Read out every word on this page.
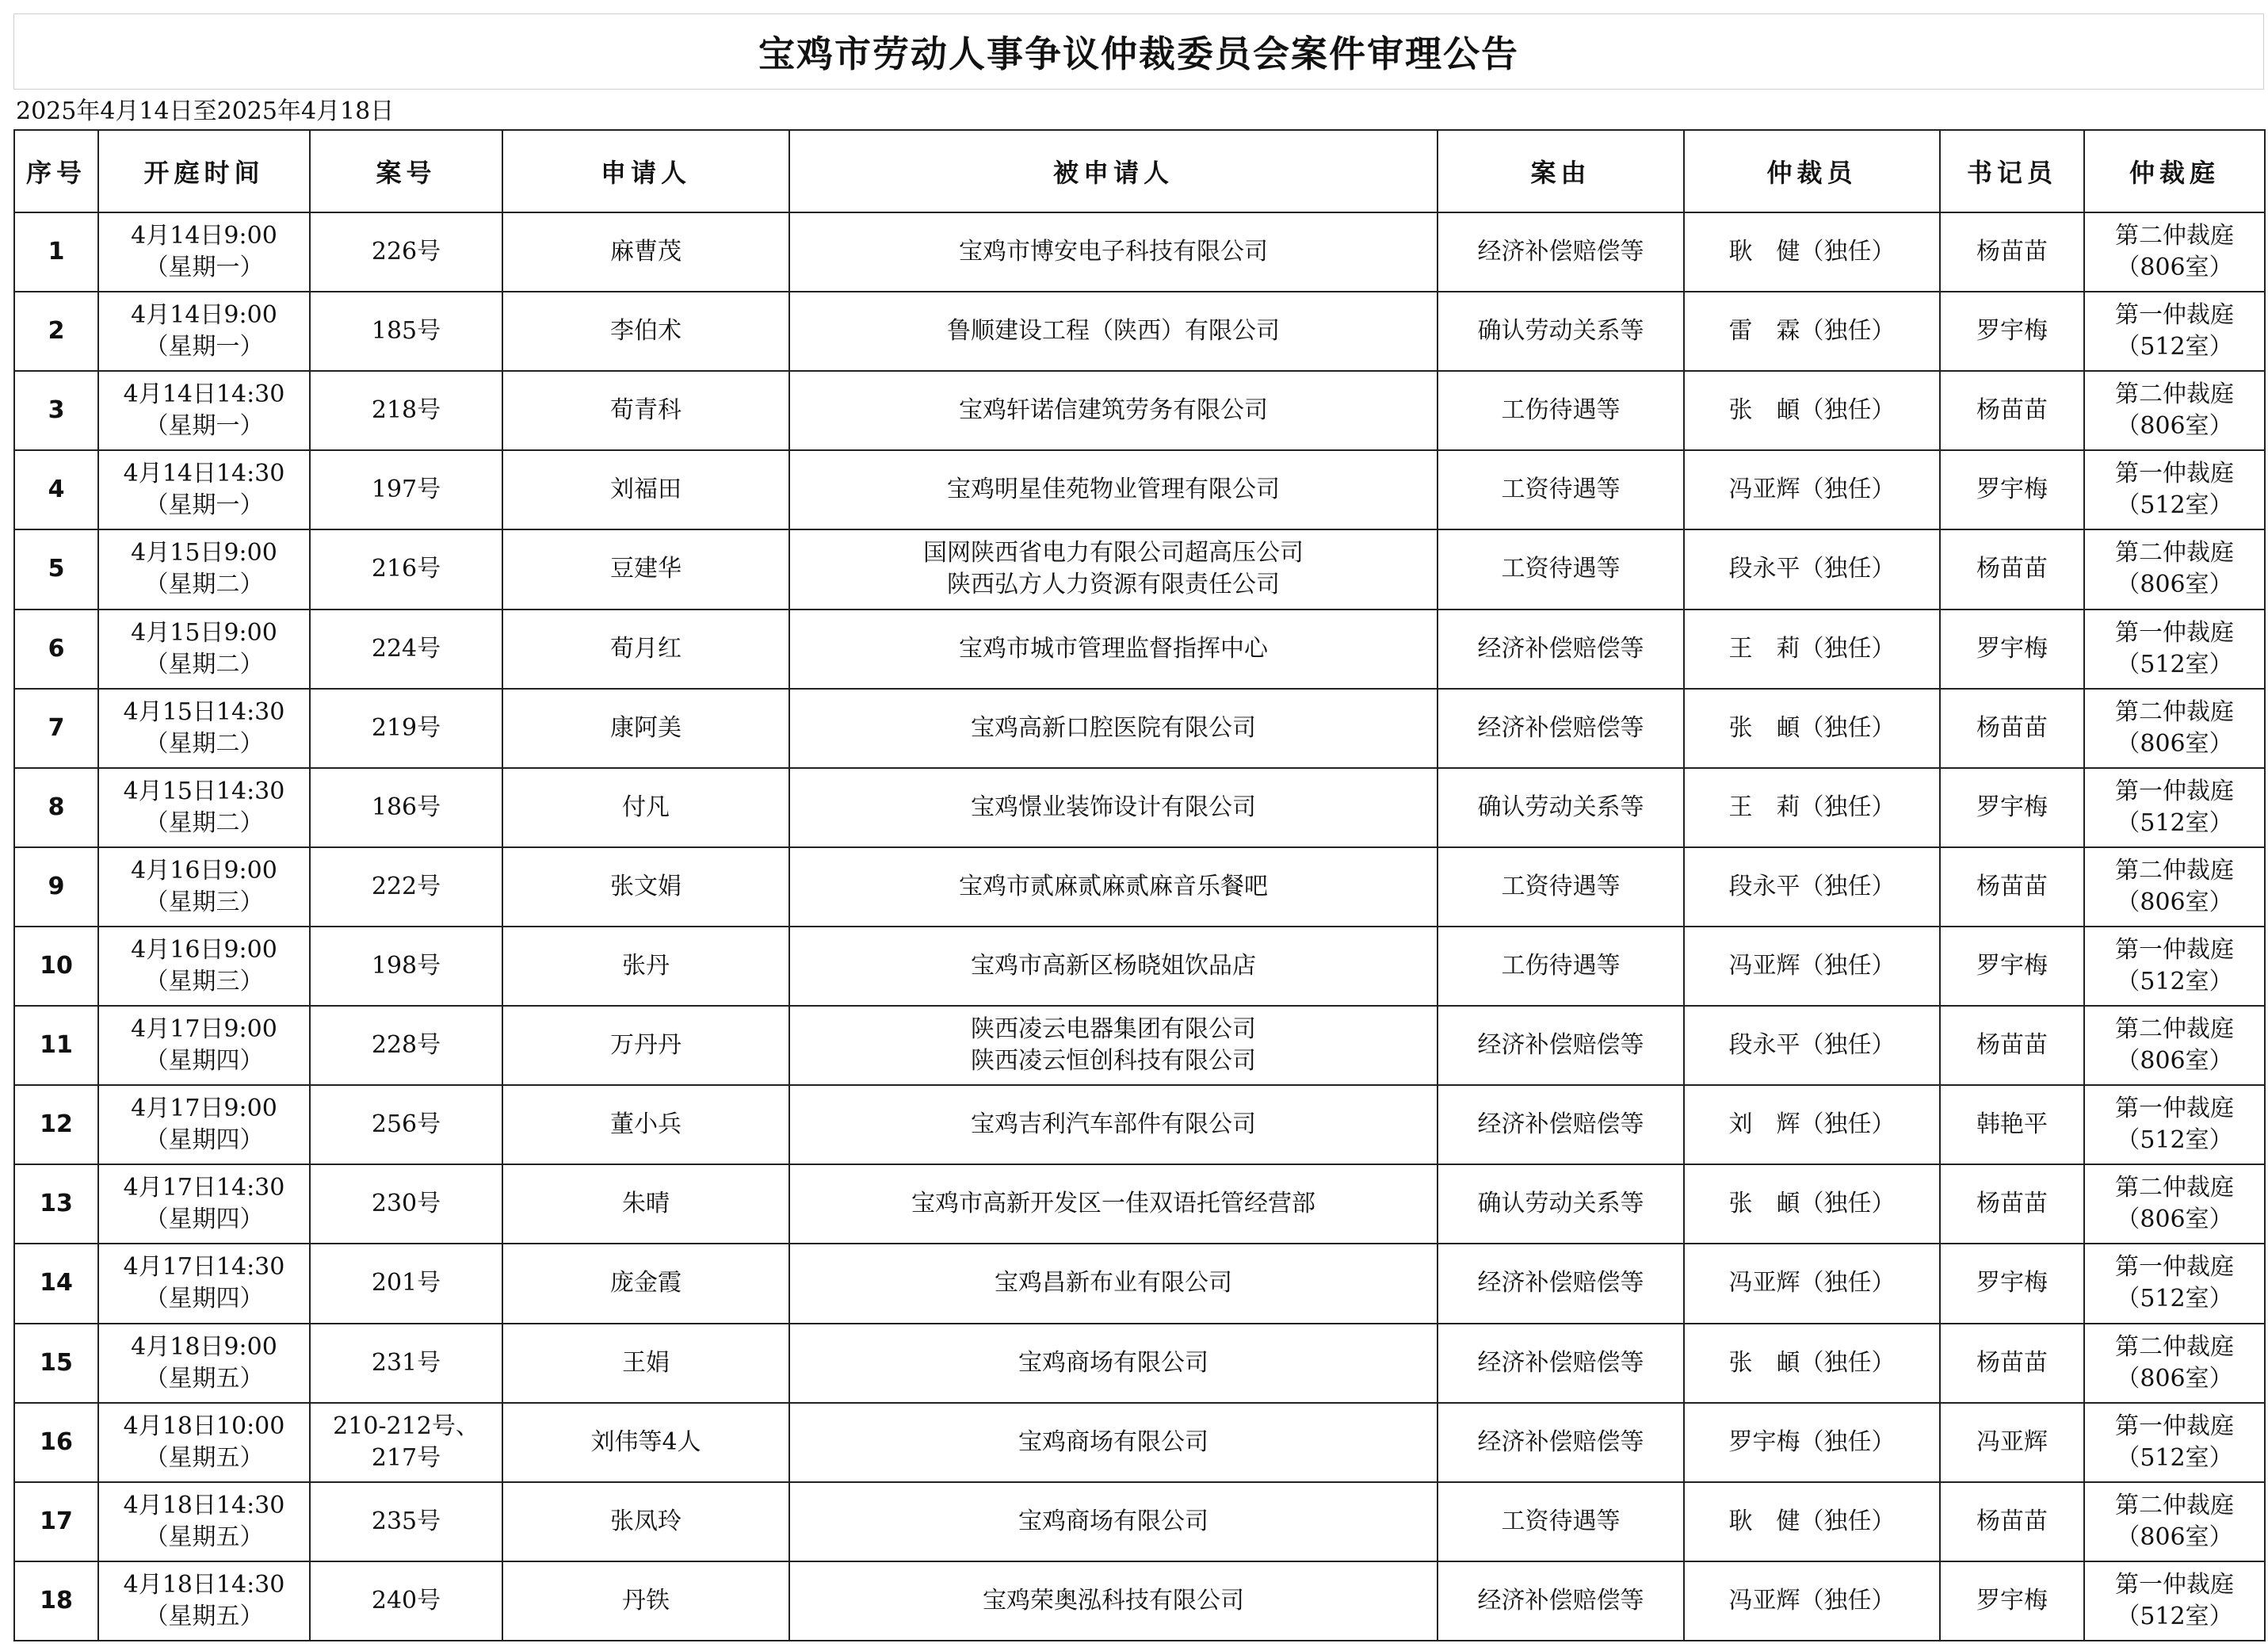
宝鸡市劳动人事争议仲裁委员会案件审理公告
2025年4月14日至2025年4月18日
序号	开庭时间	案号	申请人	被申请人	案由	仲裁员	书记员	仲裁庭

1	4月14日9:00
（星期一）	226号	麻曹茂	宝鸡市博安电子科技有限公司	经济补偿赔偿等	耿　健（独任）	杨苗苗	第二仲裁庭
（806室）

2	4月14日9:00
（星期一）	185号	李伯术	鲁顺建设工程（陕西）有限公司	确认劳动关系等	雷　霖（独任）	罗宇梅	第一仲裁庭
（512室）

3	4月14日14:30
（星期一）	218号	荀青科	宝鸡轩诺信建筑劳务有限公司	工伤待遇等	张　頔（独任）	杨苗苗	第二仲裁庭
（806室）

4	4月14日14:30
（星期一）	197号	刘福田	宝鸡明星佳苑物业管理有限公司	工资待遇等	冯亚辉（独任）	罗宇梅	第一仲裁庭
（512室）

5	4月15日9:00
（星期二）	216号	豆建华	国网陕西省电力有限公司超高压公司
陕西弘方人力资源有限责任公司	工资待遇等	段永平（独任）	杨苗苗	第二仲裁庭
（806室）

6	4月15日9:00
（星期二）	224号	荀月红	宝鸡市城市管理监督指挥中心	经济补偿赔偿等	王　莉（独任）	罗宇梅	第一仲裁庭
（512室）

7	4月15日14:30
（星期二）	219号	康阿美	宝鸡高新口腔医院有限公司	经济补偿赔偿等	张　頔（独任）	杨苗苗	第二仲裁庭
（806室）

8	4月15日14:30
（星期二）	186号	付凡	宝鸡憬业装饰设计有限公司	确认劳动关系等	王　莉（独任）	罗宇梅	第一仲裁庭
（512室）

9	4月16日9:00
（星期三）	222号	张文娟	宝鸡市贰麻贰麻贰麻音乐餐吧	工资待遇等	段永平（独任）	杨苗苗	第二仲裁庭
（806室）

10	4月16日9:00
（星期三）	198号	张丹	宝鸡市高新区杨晓姐饮品店	工伤待遇等	冯亚辉（独任）	罗宇梅	第一仲裁庭
（512室）

11	4月17日9:00
（星期四）	228号	万丹丹	陕西凌云电器集团有限公司
陕西凌云恒创科技有限公司	经济补偿赔偿等	段永平（独任）	杨苗苗	第二仲裁庭
（806室）

12	4月17日9:00
（星期四）	256号	董小兵	宝鸡吉利汽车部件有限公司	经济补偿赔偿等	刘　辉（独任）	韩艳平	第一仲裁庭
（512室）

13	4月17日14:30
（星期四）	230号	朱晴	宝鸡市高新开发区一佳双语托管经营部	确认劳动关系等	张　頔（独任）	杨苗苗	第二仲裁庭
（806室）

14	4月17日14:30
（星期四）	201号	庞金霞	宝鸡昌新布业有限公司	经济补偿赔偿等	冯亚辉（独任）	罗宇梅	第一仲裁庭
（512室）

15	4月18日9:00
（星期五）	231号	王娟	宝鸡商场有限公司	经济补偿赔偿等	张　頔（独任）	杨苗苗	第二仲裁庭
（806室）

16	4月18日10:00
（星期五）	210-212号、
217号	刘伟等4人	宝鸡商场有限公司	经济补偿赔偿等	罗宇梅（独任）	冯亚辉	第一仲裁庭
（512室）

17	4月18日14:30
（星期五）	235号	张凤玲	宝鸡商场有限公司	工资待遇等	耿　健（独任）	杨苗苗	第二仲裁庭
（806室）

18	4月18日14:30
（星期五）	240号	丹铁	宝鸡荣奥泓科技有限公司	经济补偿赔偿等	冯亚辉（独任）	罗宇梅	第一仲裁庭
（512室）
